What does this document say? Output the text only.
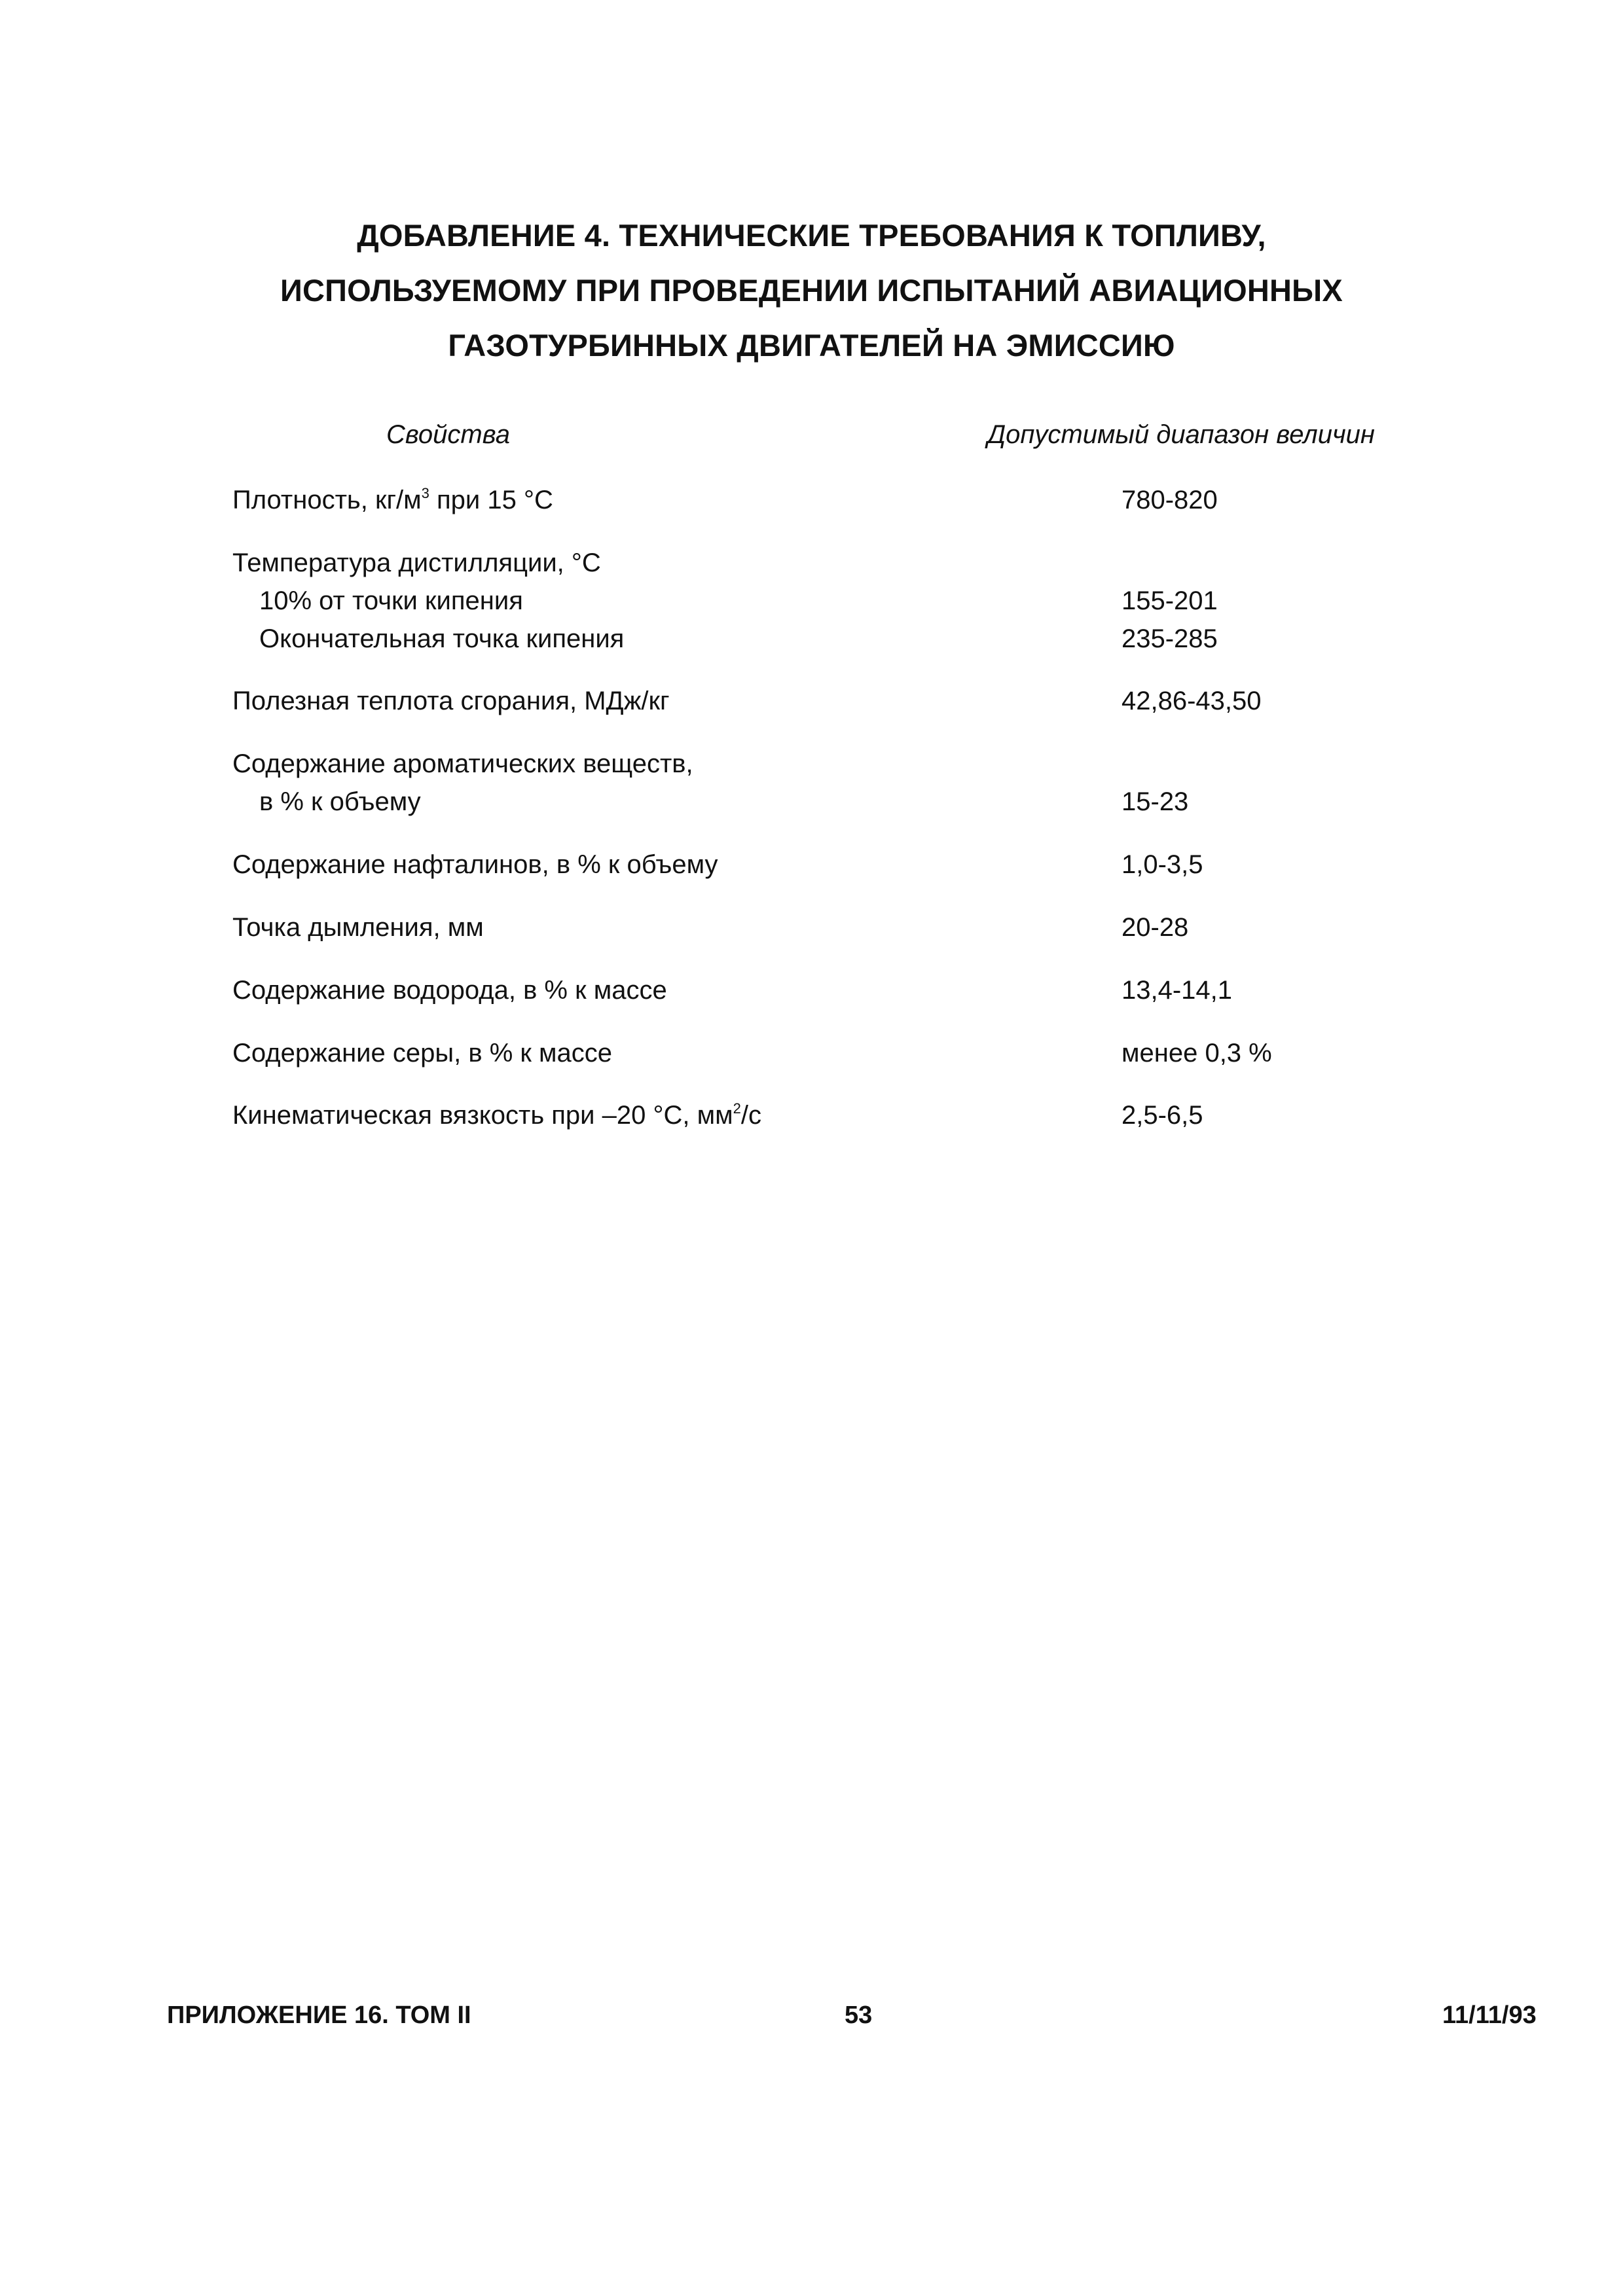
ДОБАВЛЕНИЕ 4. ТЕХНИЧЕСКИЕ ТРЕБОВАНИЯ К ТОПЛИВУ,
ИСПОЛЬЗУЕМОМУ ПРИ ПРОВЕДЕНИИ ИСПЫТАНИЙ АВИАЦИОННЫХ
ГАЗОТУРБИННЫХ ДВИГАТЕЛЕЙ НА ЭМИССИЮ
Свойства	Допустимый диапазон величин
Плотность, $кг/м^3$ при 15 °C	780-820
Температура дистилляции, °C
10% от точки кипения	155-201
Окончательная точка кипения	235-285
Полезная теплота сгорания, МДж/кг	42,86-43,50
Содержание ароматических веществ,
в % к объему	15-23
Содержание нафталинов, в % к объему	1,0-3,5
Точка дымления, мм	20-28
Содержание водорода, в % к массе	13,4-14,1
Содержание серы, в % к массе	менее 0,3 %
Кинематическая вязкость при –20 °C, $мм^2/с$	2,5-6,5
ПРИЛОЖЕНИЕ 16. ТОМ II	53	11/11/93
